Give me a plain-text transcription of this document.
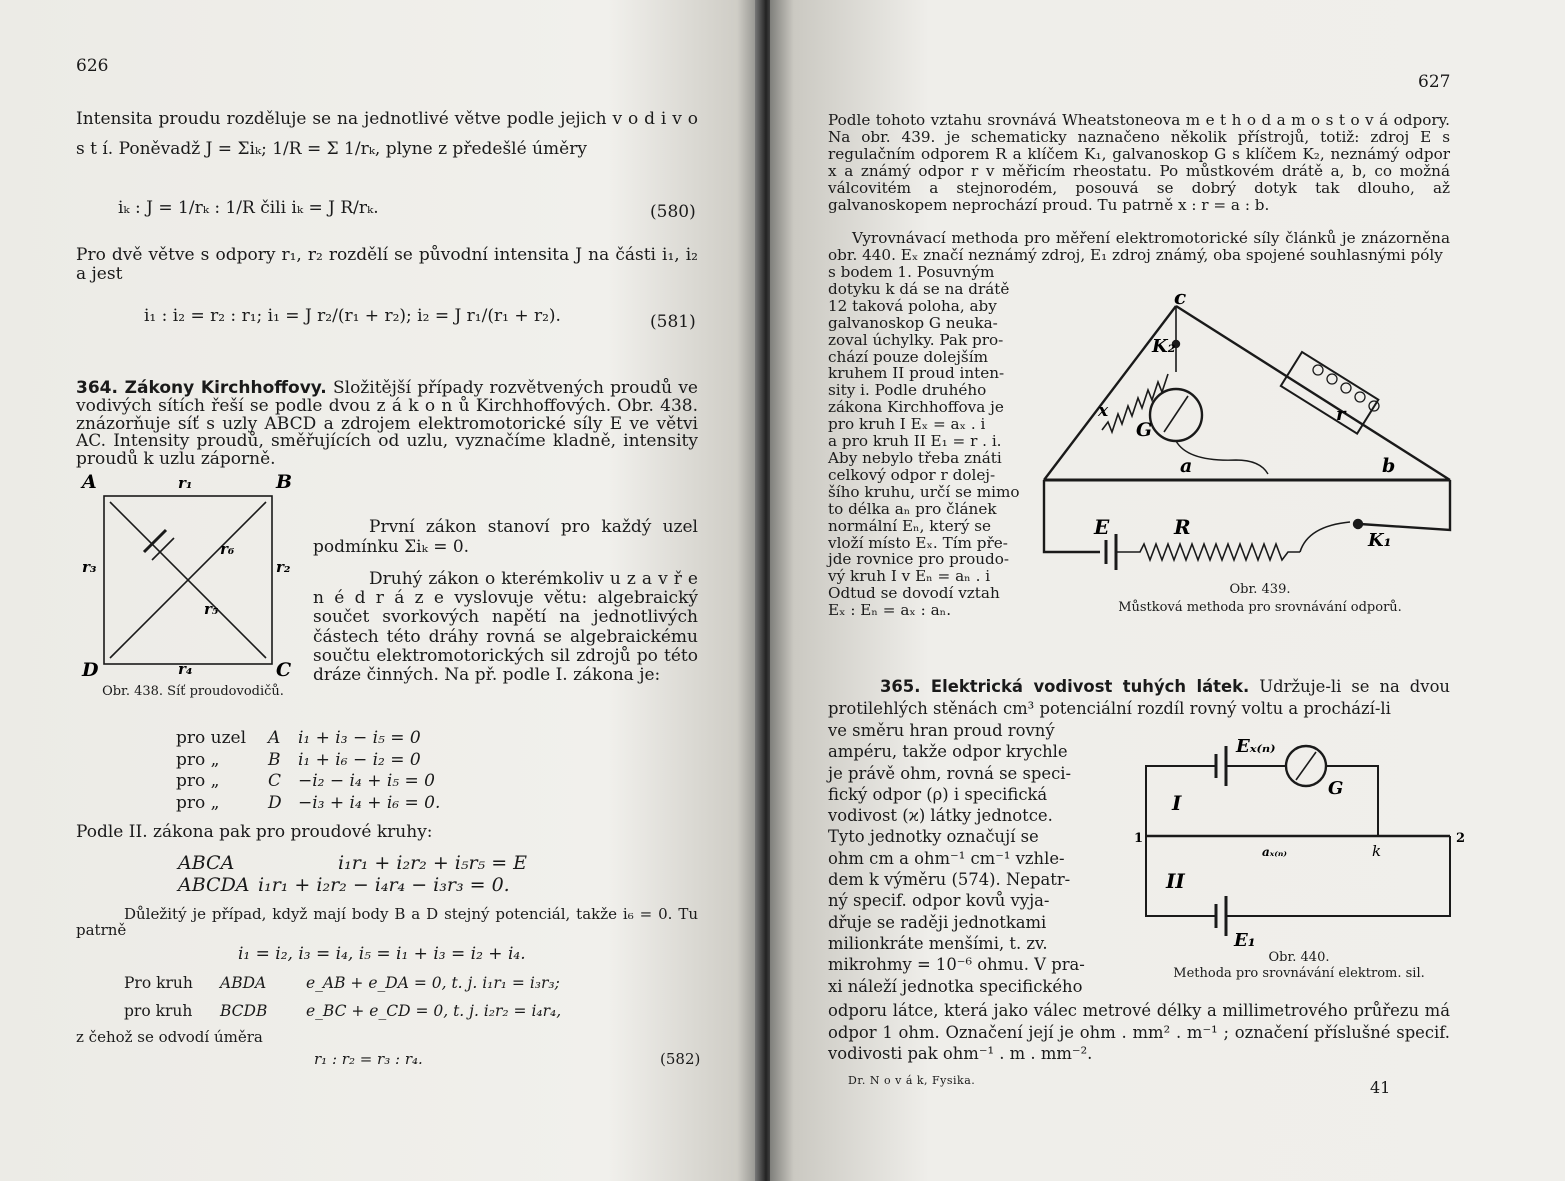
626

Intensita proudu rozděluje se na jednotlivé větve podle jejich v o d i v o s t í. Poněvadž J = Σiₖ; 1/R = Σ 1/rₖ, plyne z předešlé úměry

iₖ : J = 1/rₖ : 1/R čili iₖ = J R/rₖ.	(580)

Pro dvě větve s odpory r₁, r₂ rozdělí se původní intensita J na části i₁, i₂ a jest

i₁ : i₂ = r₂ : r₁; i₁ = J r₂/(r₁ + r₂); i₂ = J r₁/(r₁ + r₂).	(581)

364. Zákony Kirchhoffovy. Složitější případy rozvětvených proudů ve vodivých sítích řeší se podle dvou z á k o n ů Kirchhoffových. Obr. 438. znázorňuje síť s uzly ABCD a zdrojem elektromotorické síly E ve větvi AC. Intensity proudů, směřujících od uzlu, vyznačíme kladně, intensity proudů k uzlu záporně.

A	B
C
D
r₁
r₂
r₃
r₄
r₅
r₆
Obr. 438. Síť proudovodičů.

První zákon stanoví pro každý uzel podmínku Σiₖ = 0.

Druhý zákon o kterémkoliv u z a v ř e n é d r á z e vyslovuje větu: algebraický součet svorkových napětí na jednotlivých částech této dráhy rovná se algebraickému součtu elektromotorických sil zdrojů po této dráze činných. Na př. podle I. zákona je:

pro uzel	A	i₁ + i₃ − i₅ = 0
pro „	B	i₁ + i₆ − i₂ = 0
pro „	C −i₂ − i₄ + i₅ = 0
pro „	D −i₃ + i₄ + i₆ = 0.
Podle II. zákona pak pro proudové kruhy:
ABCA	i₁r₁ + i₂r₂ + i₅r₅ = E
ABCDA i₁r₁ + i₂r₂ − i₄r₄ − i₃r₃ = 0.

Důležitý je případ, když mají body B a D stejný potenciál, takže i₆ = 0. Tu patrně

i₁ = i₂, i₃ = i₄, i₅ = i₁ + i₃ = i₂ + i₄.
Pro kruh	ABDA	e_AB + e_DA = 0, t. j. i₁r₁ = i₃r₃;
pro kruh	BCDB	e_BC + e_CD = 0, t. j. i₂r₂ = i₄r₄,
z čehož se odvodí úměra
r₁ : r₂ = r₃ : r₄.	(582)
627

Podle tohoto vztahu srovnává Wheatstoneova m e t h o d a m o s t o v á odpory. Na obr. 439. je schematicky naznačeno několik přístrojů, totiž: zdroj E s regulačním odporem R a klíčem K₁, galvanoskop G s klíčem K₂, neznámý odpor x a známý odpor r v měřicím rheostatu. Po můstkovém drátě a, b, co možná válcovitém a stejnorodém, posouvá se dobrý dotyk tak dlouho, až galvanoskopem neprochází proud. Tu patrně x : r = a : b.

Vyrovnávací methoda pro měření elektromotorické síly článků je znázorněna obr. 440. Eₓ značí neznámý zdroj, E₁ zdroj známý, oba spojené souhlasnými póly

s bodem 1. Posuvným
dotyku k dá se na drátě
12 taková poloha, aby
galvanoskop G neuka-
zoval úchylky. Pak pro-
chází pouze dolejším
kruhem II proud inten-
sity i. Podle druhého
zákona Kirchhoffova je
pro kruh I Eₓ = aₓ . i
a pro kruh II E₁ = r . i.
Aby nebylo třeba znáti
celkový odpor r dolej-
šího kruhu, určí se mimo
to délka aₙ pro článek
normální Eₙ, který se
vloží místo Eₓ. Tím pře-
jde rovnice pro proudo-
vý kruh I v Eₙ = aₙ . i
Odtud se dovodí vztah
Eₓ : Eₙ = aₓ : aₙ.
c
K₂
r
x
G
a	b
E	R
K₁
Obr. 439.
Můstková methoda pro srovnávání odporů.

365. Elektrická vodivost tuhých látek. Udržuje-li se na dvou protilehlých stěnách cm³ potenciální rozdíl rovný voltu a prochází-li

ve směru hran proud rovný
ampéru, takže odpor krychle
je právě ohm, rovná se speci-
fický odpor (ρ) i specifická
vodivost (ϰ) látky jednotce.
Tyto jednotky označují se
ohm cm a ohm⁻¹ cm⁻¹ vzhle-
dem k výměru (574). Nepatr-
ný specif. odpor kovů vyja-
dřuje se raději jednotkami
milionkráte menšími, t. zv.
mikrohmy = 10⁻⁶ ohmu. V pra-
xi náleží jednotka specifického
Eₓ₍ₙ₎
G
I
II
1	2
aₓ₍ₙ₎	k
E₁
Obr. 440.
Methoda pro srovnávání elektrom. sil.

odporu látce, která jako válec metrové délky a millimetrového průřezu má odpor 1 ohm. Označení její je ohm . mm² . m⁻¹ ; označení příslušné specif. vodivosti pak ohm⁻¹ . m . mm⁻².

Dr. N o v á k, Fysika.	41
